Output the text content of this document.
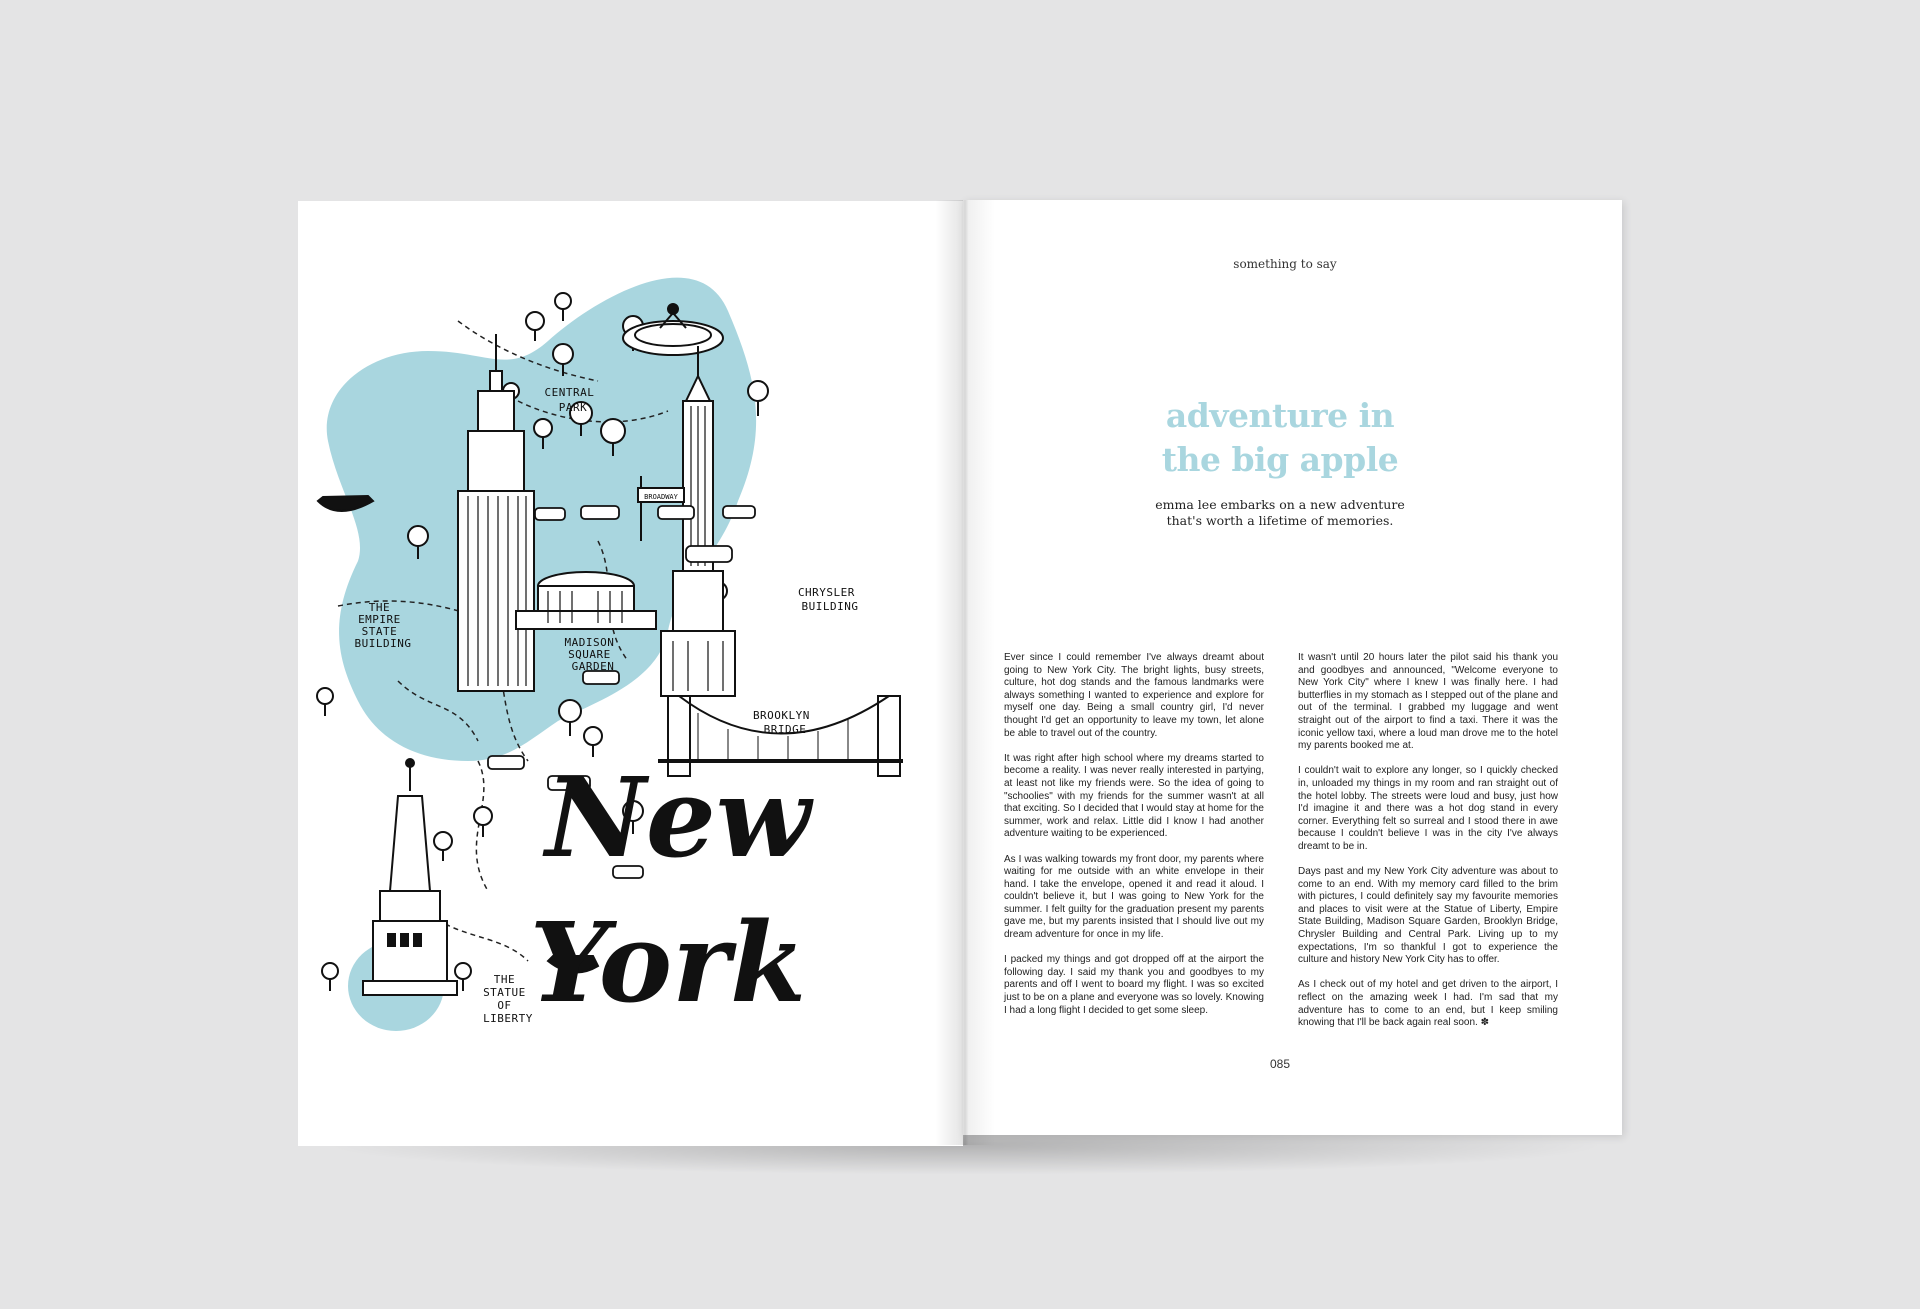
BROADWAY
CENTRAL PARK
THE EMPIRE STATE BUILDING	MADISON SQUARE GARDEN
CHRYSLER BUILDING
BROOKLYN BRIDGE
THE STATUE OF LIBERTY
New
York
something to say
adventure in
the big apple
emma lee embarks on a new adventure
that's worth a lifetime of memories.

Ever since I could remember I've always dreamt about going to New York City. The bright lights, busy streets, culture, hot dog stands and the famous landmarks were always something I wanted to experience and explore for myself one day. Being a small country girl, I'd never thought I'd get an opportunity to leave my town, let alone be able to travel out of the country.

It was right after high school where my dreams started to become a reality. I was never really interested in partying, at least not like my friends were. So the idea of going to "schoolies" with my friends for the summer wasn't at all that exciting. So I decided that I would stay at home for the summer, work and relax. Little did I know I had another adventure waiting to be experienced.

As I was walking towards my front door, my parents where waiting for me outside with an white envelope in their hand. I take the envelope, opened it and read it aloud. I couldn't believe it, but I was going to New York for the summer. I felt guilty for the graduation present my parents gave me, but my parents insisted that I should live out my dream adventure for once in my life.

I packed my things and got dropped off at the airport the following day. I said my thank you and goodbyes to my parents and off I went to board my flight. I was so excited just to be on a plane and everyone was so lovely. Knowing I had a long flight I decided to get some sleep.

It wasn't until 20 hours later the pilot said his thank you and goodbyes and announced, "Welcome everyone to New York City" where I knew I was finally here. I had butterflies in my stomach as I stepped out of the plane and out of the terminal. I grabbed my luggage and went straight out of the airport to find a taxi. There it was the iconic yellow taxi, where a loud man drove me to the hotel my parents booked me at.

I couldn't wait to explore any longer, so I quickly checked in, unloaded my things in my room and ran straight out of the hotel lobby. The streets were loud and busy, just how I'd imagine it and there was a hot dog stand in every corner. Everything felt so surreal and I stood there in awe because I couldn't believe I was in the city I've always dreamt to be in.

Days past and my New York City adventure was about to come to an end. With my memory card filled to the brim with pictures, I could definitely say my favourite memories and places to visit were at the Statue of Liberty, Empire State Building, Madison Square Garden, Brooklyn Bridge, Chrysler Building and Central Park. Living up to my expectations, I'm so thankful I got to experience the culture and history New York City has to offer.

As I check out of my hotel and get driven to the airport, I reflect on the amazing week I had. I'm sad that my adventure has to come to an end, but I keep smiling knowing that I'll be back again real soon. ✽

085
